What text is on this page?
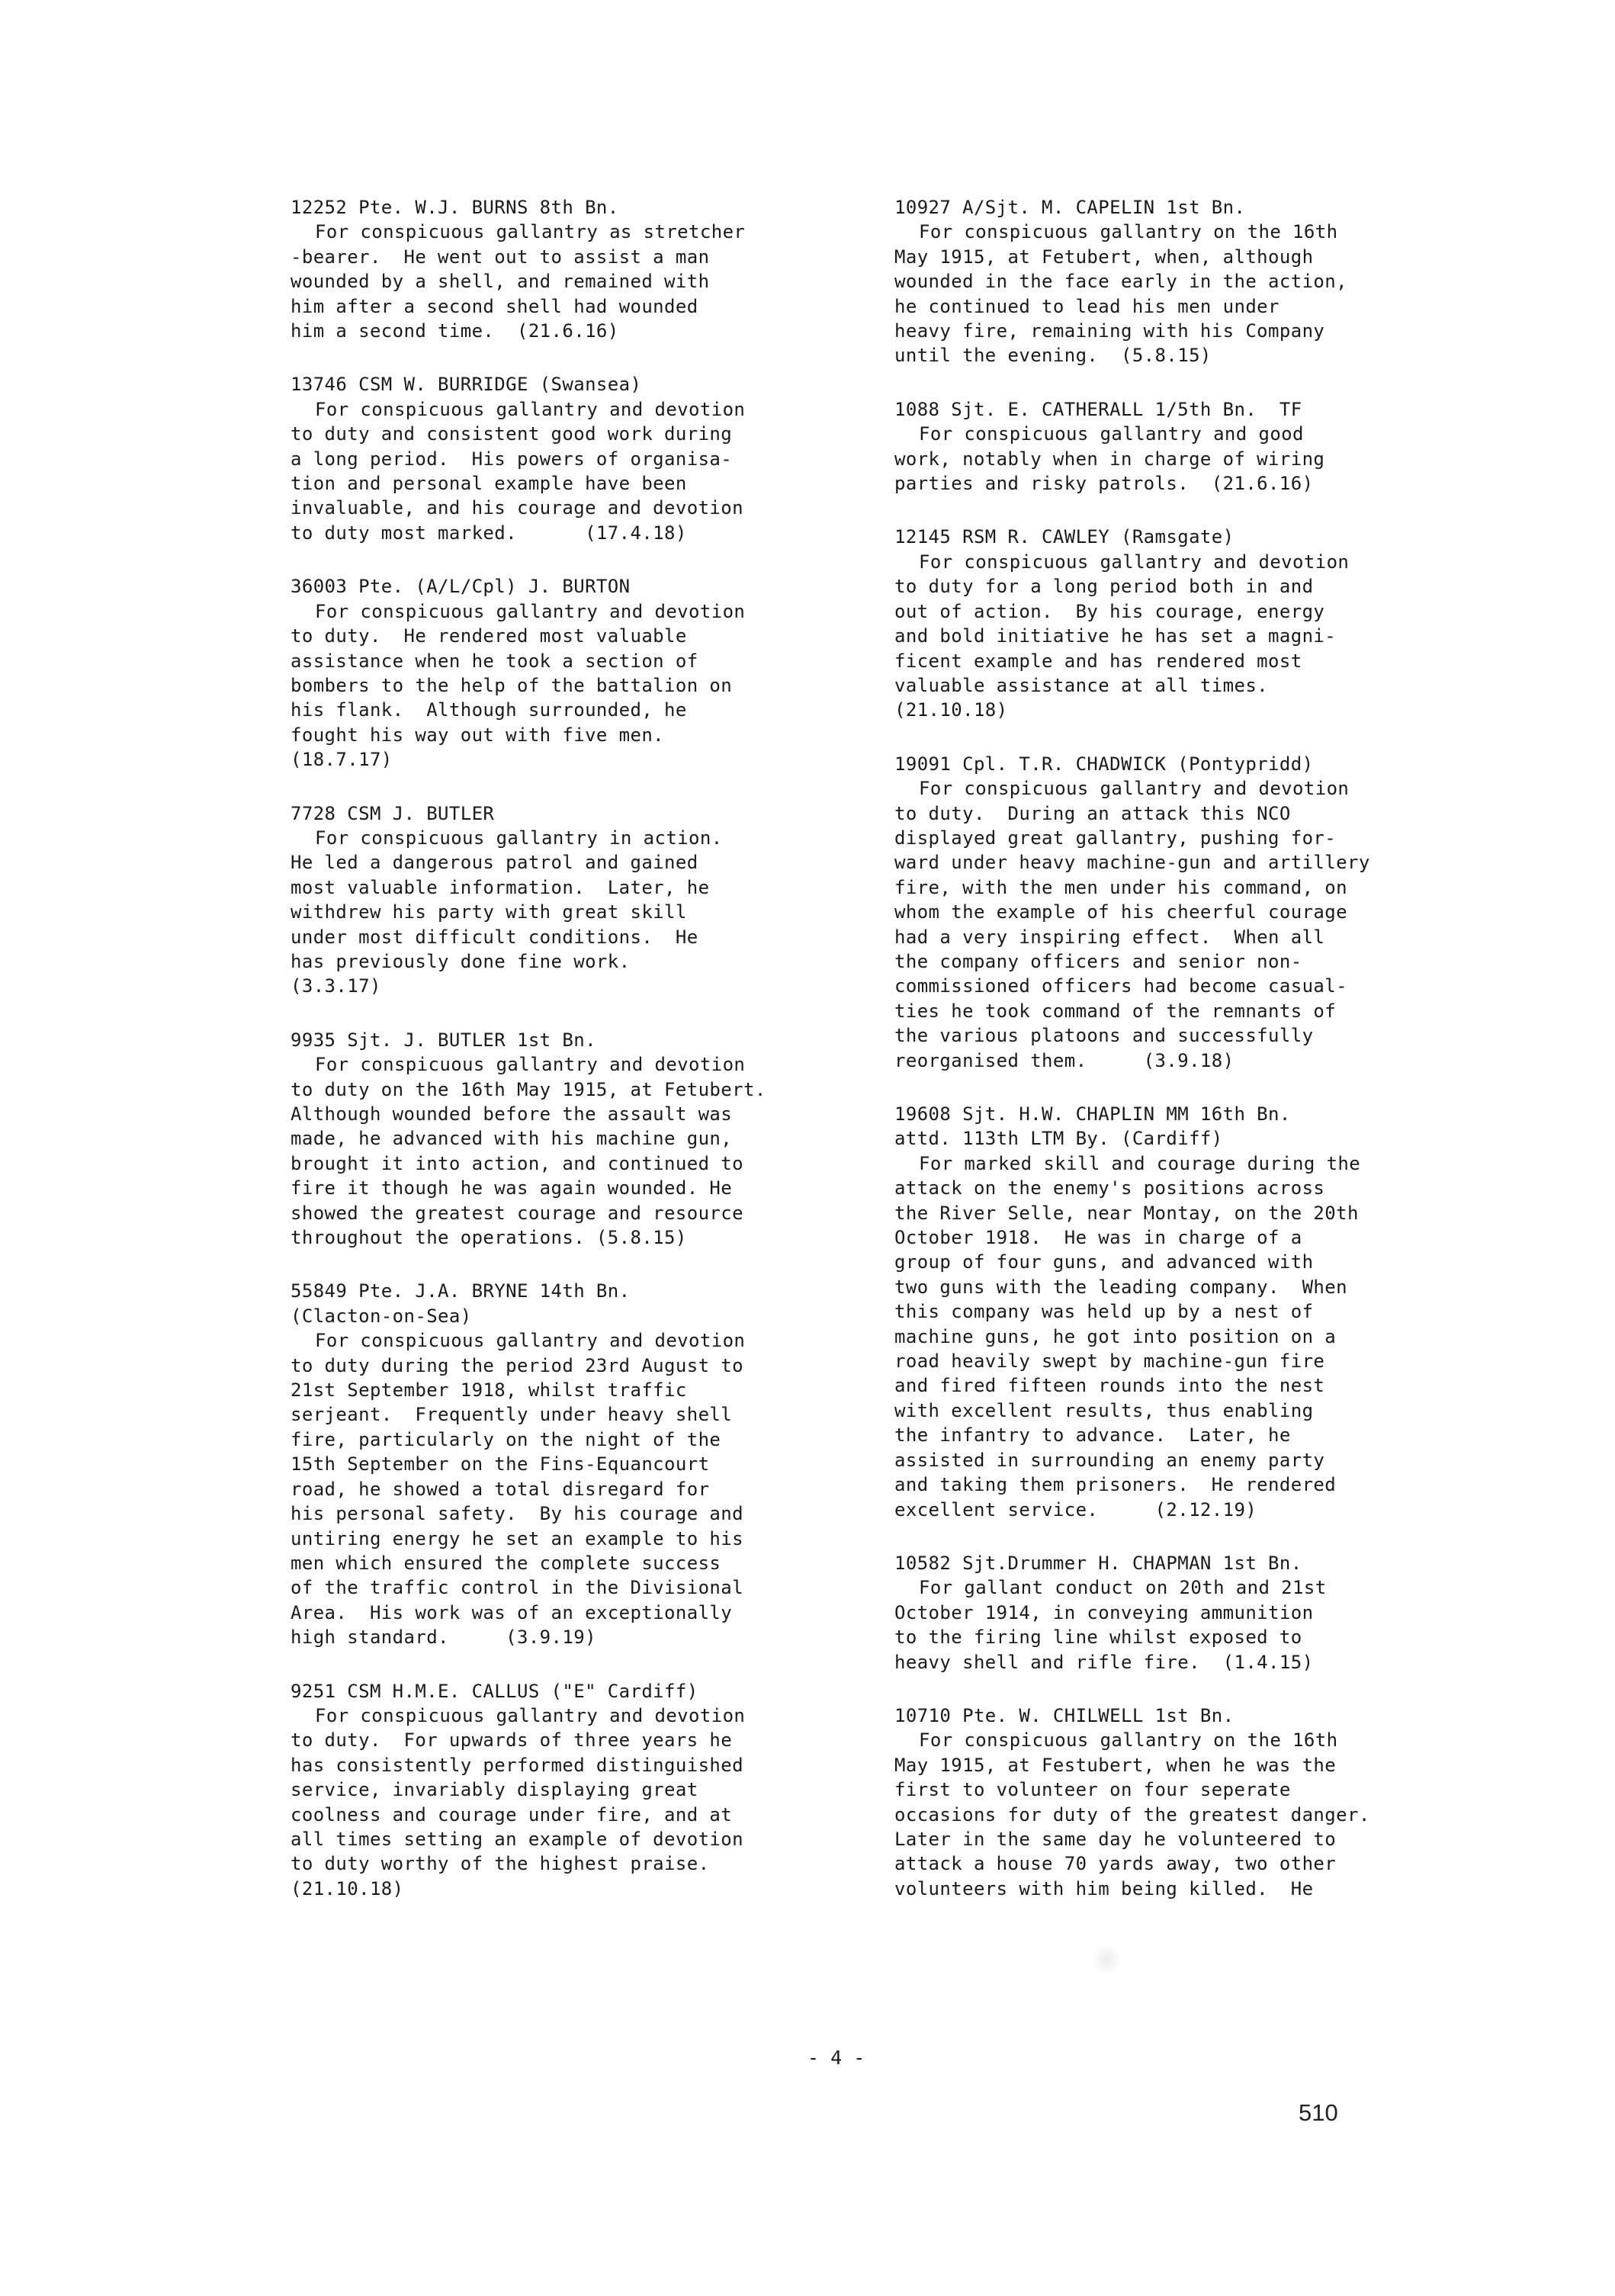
12252 Pte. W.J. BURNS 8th Bn.
For conspicuous gallantry as stretcher
-bearer.  He went out to assist a man
wounded by a shell, and remained with
him after a second shell had wounded
him a second time.  (21.6.16)
13746 CSM W. BURRIDGE (Swansea)
For conspicuous gallantry and devotion
to duty and consistent good work during
a long period.  His powers of organisa-
tion and personal example have been
invaluable, and his courage and devotion
to duty most marked.      (17.4.18)
36003 Pte. (A/L/Cpl) J. BURTON
For conspicuous gallantry and devotion
to duty.  He rendered most valuable
assistance when he took a section of
bombers to the help of the battalion on
his flank.  Although surrounded, he
fought his way out with five men.
(18.7.17)
7728 CSM J. BUTLER
For conspicuous gallantry in action.
He led a dangerous patrol and gained
most valuable information.  Later, he
withdrew his party with great skill
under most difficult conditions.  He
has previously done fine work.
(3.3.17)
9935 Sjt. J. BUTLER 1st Bn.
For conspicuous gallantry and devotion
to duty on the 16th May 1915, at Fetubert.
Although wounded before the assault was
made, he advanced with his machine gun,
brought it into action, and continued to
fire it though he was again wounded. He
showed the greatest courage and resource
throughout the operations. (5.8.15)
55849 Pte. J.A. BRYNE 14th Bn.
(Clacton-on-Sea)
For conspicuous gallantry and devotion
to duty during the period 23rd August to
21st September 1918, whilst traffic
serjeant.  Frequently under heavy shell
fire, particularly on the night of the
15th September on the Fins-Equancourt
road, he showed a total disregard for
his personal safety.  By his courage and
untiring energy he set an example to his
men which ensured the complete success
of the traffic control in the Divisional
Area.  His work was of an exceptionally
high standard.     (3.9.19)
9251 CSM H.M.E. CALLUS ("E" Cardiff)
For conspicuous gallantry and devotion
to duty.  For upwards of three years he
has consistently performed distinguished
service, invariably displaying great
coolness and courage under fire, and at
all times setting an example of devotion
to duty worthy of the highest praise.
(21.10.18)
10927 A/Sjt. M. CAPELIN 1st Bn.
For conspicuous gallantry on the 16th
May 1915, at Fetubert, when, although
wounded in the face early in the action,
he continued to lead his men under
heavy fire, remaining with his Company
until the evening.  (5.8.15)
1088 Sjt. E. CATHERALL 1/5th Bn.  TF
For conspicuous gallantry and good
work, notably when in charge of wiring
parties and risky patrols.  (21.6.16)
12145 RSM R. CAWLEY (Ramsgate)
For conspicuous gallantry and devotion
to duty for a long period both in and
out of action.  By his courage, energy
and bold initiative he has set a magni-
ficent example and has rendered most
valuable assistance at all times.
(21.10.18)
19091 Cpl. T.R. CHADWICK (Pontypridd)
For conspicuous gallantry and devotion
to duty.  During an attack this NCO
displayed great gallantry, pushing for-
ward under heavy machine-gun and artillery
fire, with the men under his command, on
whom the example of his cheerful courage
had a very inspiring effect.  When all
the company officers and senior non-
commissioned officers had become casual-
ties he took command of the remnants of
the various platoons and successfully
reorganised them.     (3.9.18)
19608 Sjt. H.W. CHAPLIN MM 16th Bn.
attd. 113th LTM By. (Cardiff)
For marked skill and courage during the
attack on the enemy's positions across
the River Selle, near Montay, on the 20th
October 1918.  He was in charge of a
group of four guns, and advanced with
two guns with the leading company.  When
this company was held up by a nest of
machine guns, he got into position on a
road heavily swept by machine-gun fire
and fired fifteen rounds into the nest
with excellent results, thus enabling
the infantry to advance.  Later, he
assisted in surrounding an enemy party
and taking them prisoners.  He rendered
excellent service.     (2.12.19)
10582 Sjt.Drummer H. CHAPMAN 1st Bn.
For gallant conduct on 20th and 21st
October 1914, in conveying ammunition
to the firing line whilst exposed to
heavy shell and rifle fire.  (1.4.15)
10710 Pte. W. CHILWELL 1st Bn.
For conspicuous gallantry on the 16th
May 1915, at Festubert, when he was the
first to volunteer on four seperate
occasions for duty of the greatest danger.
Later in the same day he volunteered to
attack a house 70 yards away, two other
volunteers with him being killed.  He
- 4 -
510
